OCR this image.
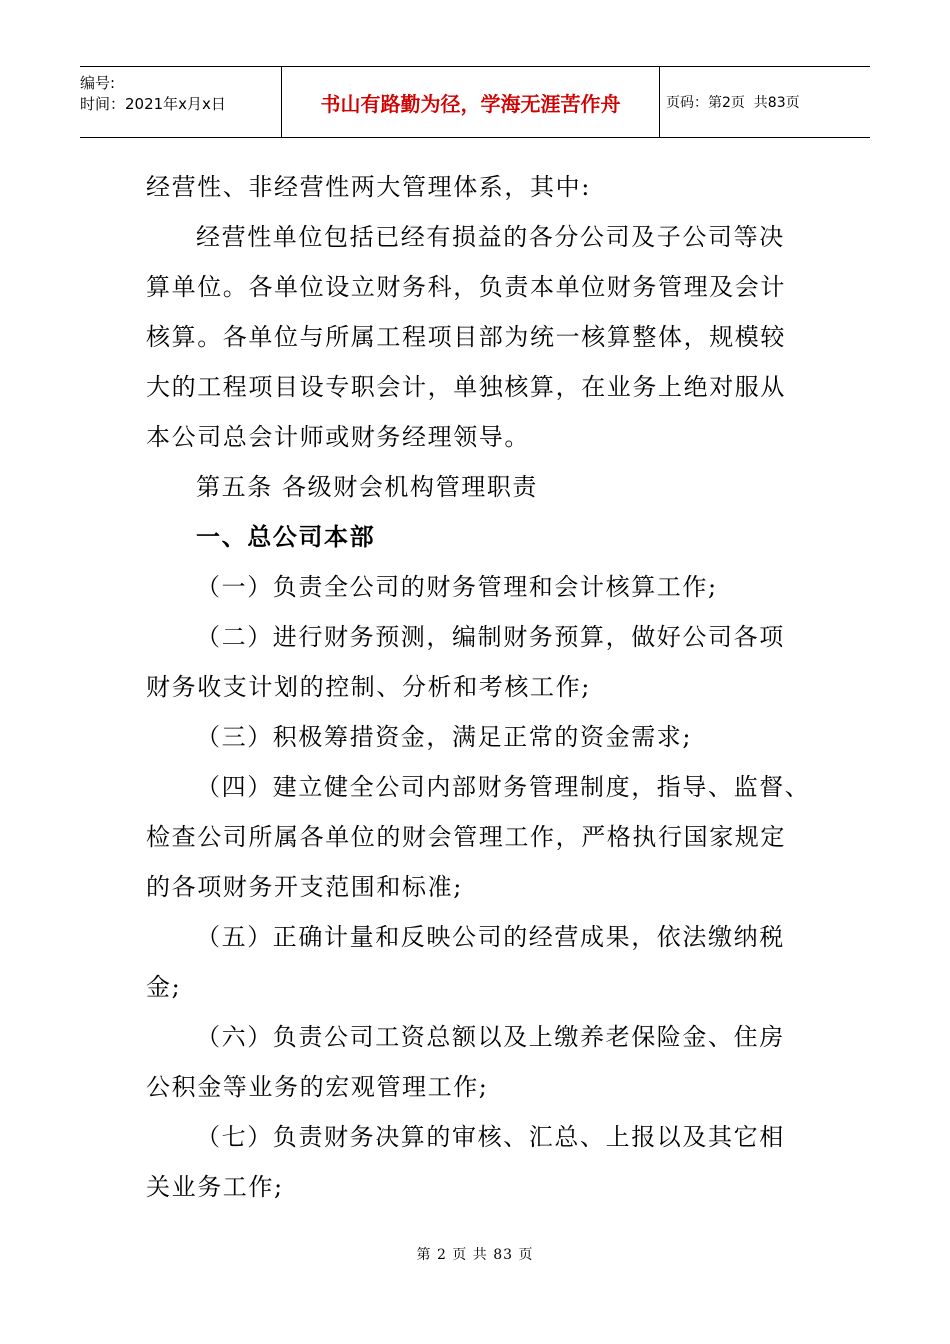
编号:
时间：2021年x月x日	书山有路勤为径，学海无涯苦作舟	页码：第2页  共83页

经营性、非经营性两大管理体系，其中:

经营性单位包括已经有损益的各分公司及子公司等决

算单位。各单位设立财务科，负责本单位财务管理及会计

核算。各单位与所属工程项目部为统一核算整体，规模较

大的工程项目设专职会计，单独核算，在业务上绝对服从

本公司总会计师或财务经理领导。

第五条 各级财会机构管理职责

一、总公司本部

（一）负责全公司的财务管理和会计核算工作;

（二）进行财务预测，编制财务预算，做好公司各项

财务收支计划的控制、分析和考核工作;

（三）积极筹措资金，满足正常的资金需求;

（四）建立健全公司内部财务管理制度，指导、监督、

检查公司所属各单位的财会管理工作，严格执行国家规定

的各项财务开支范围和标准;

（五）正确计量和反映公司的经营成果，依法缴纳税

金;

（六）负责公司工资总额以及上缴养老保险金、住房

公积金等业务的宏观管理工作;

（七）负责财务决算的审核、汇总、上报以及其它相

关业务工作;

第 2 页 共 83 页
